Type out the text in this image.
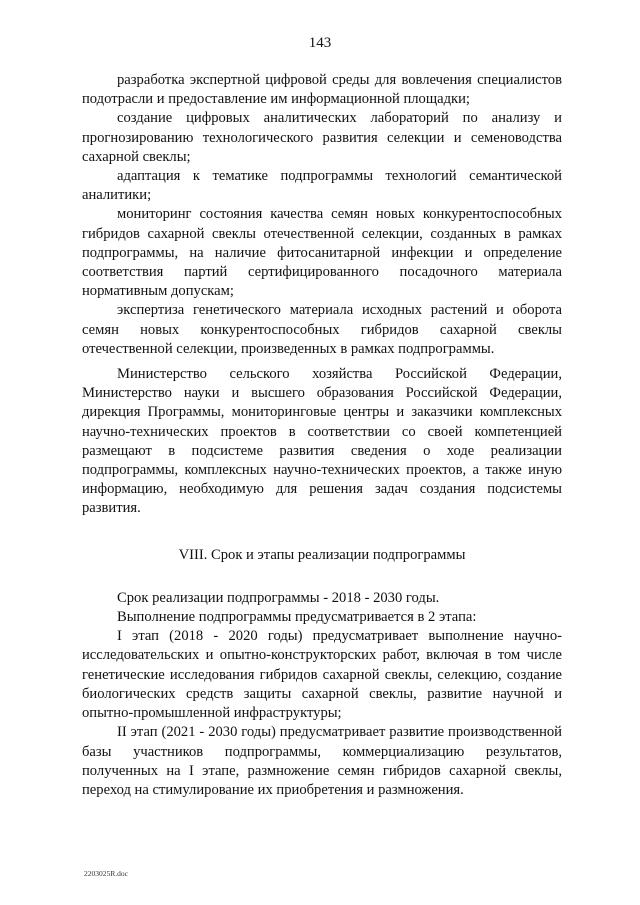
143

разработка экспертной цифровой среды для вовлечения специалистов подотрасли и предоставление им информационной площадки;

создание цифровых аналитических лабораторий по анализу и прогнозированию технологического развития селекции и семеноводства сахарной свеклы;

адаптация к тематике подпрограммы технологий семантической аналитики;

мониторинг состояния качества семян новых конкурентоспособных гибридов сахарной свеклы отечественной селекции, созданных в рамках подпрограммы, на наличие фитосанитарной инфекции и определение соответствия партий сертифицированного посадочного материала нормативным допускам;

экспертиза генетического материала исходных растений и оборота семян новых конкурентоспособных гибридов сахарной свеклы отечественной селекции, произведенных в рамках подпрограммы.

Министерство сельского хозяйства Российской Федерации, Министерство науки и высшего образования Российской Федерации, дирекция Программы, мониторинговые центры и заказчики комплексных научно-технических проектов в соответствии со своей компетенцией размещают в подсистеме развития сведения о ходе реализации подпрограммы, комплексных научно-технических проектов, а также иную информацию, необходимую для решения задач создания подсистемы развития.

VIII. Срок и этапы реализации подпрограммы

Срок реализации подпрограммы - 2018 - 2030 годы.

Выполнение подпрограммы предусматривается в 2 этапа:

I этап (2018 - 2020 годы) предусматривает выполнение научно-исследовательских и опытно-конструкторских работ, включая в том числе генетические исследования гибридов сахарной свеклы, селекцию, создание биологических средств защиты сахарной свеклы, развитие научной и опытно-промышленной инфраструктуры;

II этап (2021 - 2030 годы) предусматривает развитие производственной базы участников подпрограммы, коммерциализацию результатов, полученных на I этапе, размножение семян гибридов сахарной свеклы, переход на стимулирование их приобретения и размножения.

2203025R.doc
